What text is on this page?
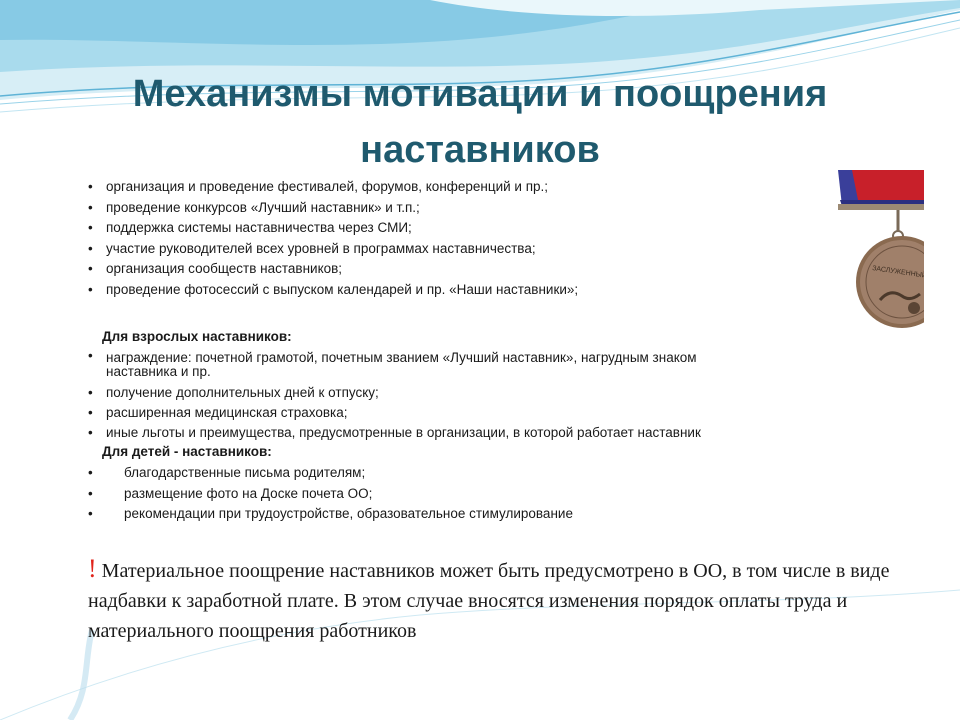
Механизмы мотивации и поощрения
наставников
• организация и проведение фестивалей, форумов, конференций и пр.;
• проведение конкурсов «Лучший наставник» и т.п.;
• поддержка системы наставничества через СМИ;
• участие руководителей всех уровней в программах наставничества;
• организация сообществ наставников;
• проведение фотосессий с выпуском календарей и пр. «Наши наставники»;
Для взрослых наставников:
• награждение: почетной грамотой, почетным званием «Лучший наставник», нагрудным знаком наставника и пр.
• получение дополнительных дней к отпуску;
• расширенная медицинская страховка;
• иные льготы и преимущества, предусмотренные в организации, в которой работает наставник
Для детей - наставников:
• благодарственные письма родителям;
• размещение фото на Доске почета ОО;
• рекомендации при трудоустройстве, образовательное стимулирование
! Материальное поощрение наставников может быть предусмотрено в ОО, в том числе в виде надбавки к заработной плате. В этом случае вносятся изменения порядок оплаты труда и материального поощрения работников
